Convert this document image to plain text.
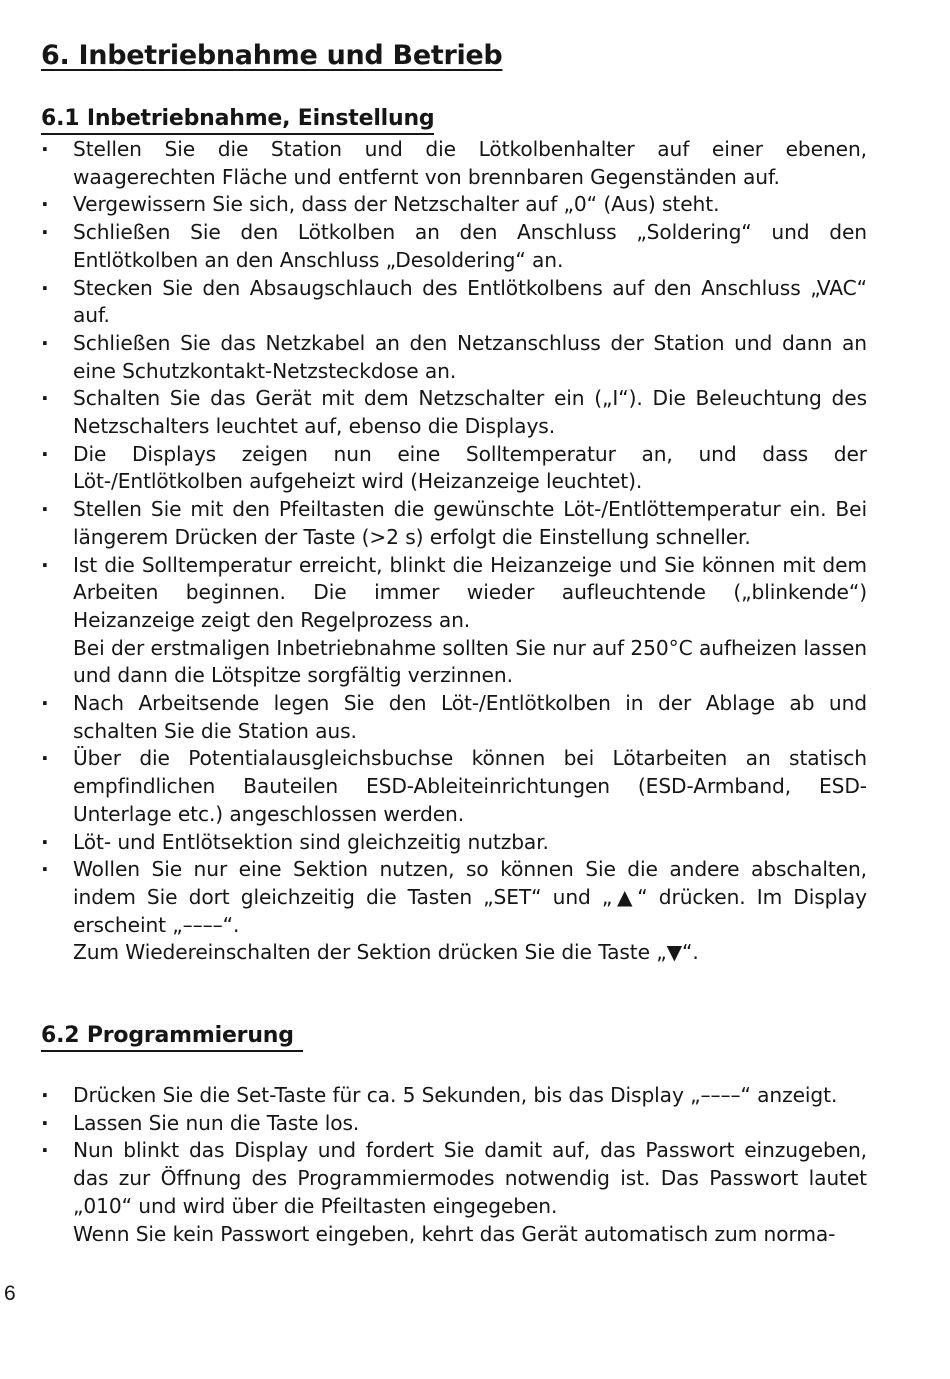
6. Inbetriebnahme und Betrieb
6.1 Inbetriebnahme, Einstellung
· Stellen Sie die Station und die Lötkolbenhalter auf einer ebenen, waagerechten Fläche und entfernt von brennbaren Gegenständen auf.
· Vergewissern Sie sich, dass der Netzschalter auf „0“ (Aus) steht.
· Schließen Sie den Lötkolben an den Anschluss „Soldering“ und den Entlötkolben an den Anschluss „Desoldering“ an.
· Stecken Sie den Absaugschlauch des Entlötkolbens auf den Anschluss „VAC“ auf.
· Schließen Sie das Netzkabel an den Netzanschluss der Station und dann an eine Schutzkontakt-Netzsteckdose an.
· Schalten Sie das Gerät mit dem Netzschalter ein („I“). Die Beleuchtung des Netzschalters leuchtet auf, ebenso die Displays.
· Die Displays zeigen nun eine Solltemperatur an, und dass der Löt-/Entlötkolben aufgeheizt wird (Heizanzeige leuchtet).
· Stellen Sie mit den Pfeiltasten die gewünschte Löt-/Entlöttemperatur ein. Bei längerem Drücken der Taste (>2 s) erfolgt die Einstellung schneller.
· Ist die Solltemperatur erreicht, blinkt die Heizanzeige und Sie können mit dem Arbeiten beginnen. Die immer wieder aufleuchtende („blinkende“) Heizanzeige zeigt den Regelprozess an.
Bei der erstmaligen Inbetriebnahme sollten Sie nur auf 250°C aufheizen lassen und dann die Lötspitze sorgfältig verzinnen.
· Nach Arbeitsende legen Sie den Löt-/Entlötkolben in der Ablage ab und schalten Sie die Station aus.
· Über die Potentialausgleichsbuchse können bei Lötarbeiten an statisch empfindlichen Bauteilen ESD-Ableiteinrichtungen (ESD-Armband, ESD-Unterlage etc.) angeschlossen werden.
· Löt- und Entlötsektion sind gleichzeitig nutzbar.
· Wollen Sie nur eine Sektion nutzen, so können Sie die andere abschalten, indem Sie dort gleichzeitig die Tasten „SET“ und „▲“ drücken. Im Display erscheint „––––“.
Zum Wiedereinschalten der Sektion drücken Sie die Taste „▼“.
6.2 Programmierung
· Drücken Sie die Set-Taste für ca. 5 Sekunden, bis das Display „––––“ anzeigt.
· Lassen Sie nun die Taste los.
· Nun blinkt das Display und fordert Sie damit auf, das Passwort einzugeben, das zur Öffnung des Programmiermodes notwendig ist. Das Passwort lautet „010“ und wird über die Pfeiltasten eingegeben.
Wenn Sie kein Passwort eingeben, kehrt das Gerät automatisch zum norma-
6
